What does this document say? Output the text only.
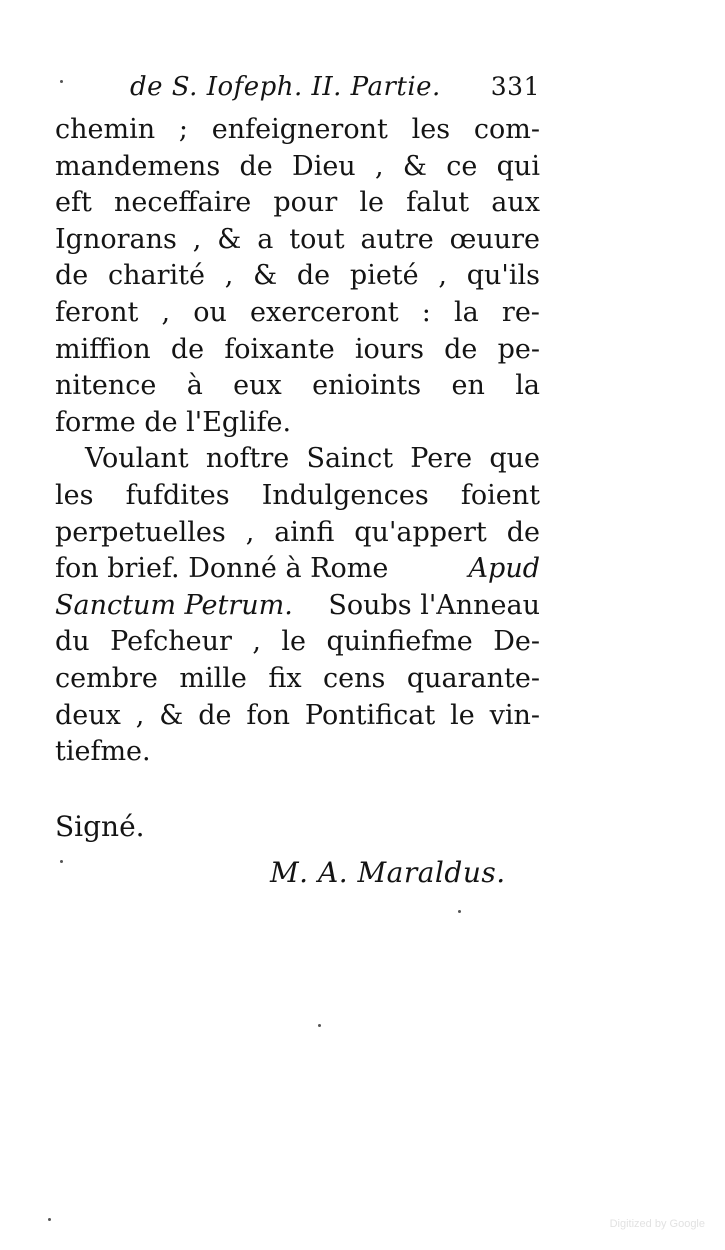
de S. Iofeph. II. Partie. 331
chemin ; enfeigneront les com-
mandemens de Dieu , & ce qui
eft neceffaire pour le falut aux
Ignorans , & a tout autre œuure
de charité , & de pieté , qu'ils
feront , ou exerceront : la re-
miffion de foixante iours de pe-
nitence à eux enioints en la
forme de l'Eglife.
Voulant noftre Sainct Pere que
les fufdites Indulgences foient
perpetuelles , ainfi qu'appert de
fon brief. Donné à Rome	Apud
Sanctum Petrum. Soubs l'Anneau
du Pefcheur , le quinfiefme De-
cembre mille fix cens quarante-
deux , & de fon Pontificat le vin-
tiefme.
Signé.
M. A. Maraldus.
Digitized by Google
